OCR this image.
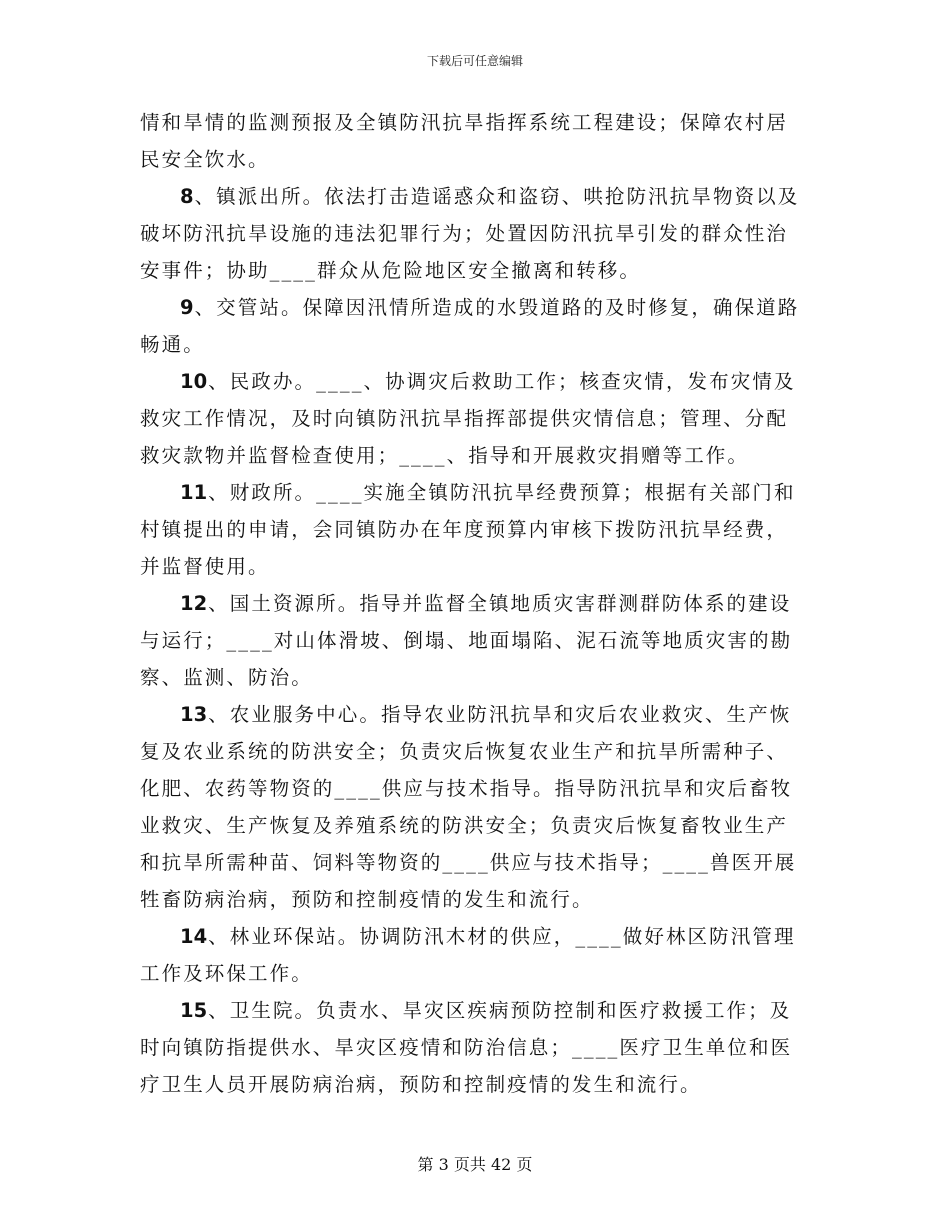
下载后可任意编辑
情和旱情的监测预报及全镇防汛抗旱指挥系统工程建设；保障农村居
民安全饮水。
8、镇派出所。依法打击造谣惑众和盗窃、哄抢防汛抗旱物资以及
破坏防汛抗旱设施的违法犯罪行为；处置因防汛抗旱引发的群众性治
安事件；协助____群众从危险地区安全撤离和转移。
9、交管站。保障因汛情所造成的水毁道路的及时修复，确保道路
畅通。
10、民政办。____、协调灾后救助工作；核查灾情，发布灾情及
救灾工作情况，及时向镇防汛抗旱指挥部提供灾情信息；管理、分配
救灾款物并监督检查使用；____、指导和开展救灾捐赠等工作。
11、财政所。____实施全镇防汛抗旱经费预算；根据有关部门和
村镇提出的申请，会同镇防办在年度预算内审核下拨防汛抗旱经费，
并监督使用。
12、国土资源所。指导并监督全镇地质灾害群测群防体系的建设
与运行；____对山体滑坡、倒塌、地面塌陷、泥石流等地质灾害的勘
察、监测、防治。
13、农业服务中心。指导农业防汛抗旱和灾后农业救灾、生产恢
复及农业系统的防洪安全；负责灾后恢复农业生产和抗旱所需种子、
化肥、农药等物资的____供应与技术指导。指导防汛抗旱和灾后畜牧
业救灾、生产恢复及养殖系统的防洪安全；负责灾后恢复畜牧业生产
和抗旱所需种苗、饲料等物资的____供应与技术指导；____兽医开展
牲畜防病治病，预防和控制疫情的发生和流行。
14、林业环保站。协调防汛木材的供应，____做好林区防汛管理
工作及环保工作。
15、卫生院。负责水、旱灾区疾病预防控制和医疗救援工作；及
时向镇防指提供水、旱灾区疫情和防治信息；____医疗卫生单位和医
疗卫生人员开展防病治病，预防和控制疫情的发生和流行。
第 3 页共 42 页
